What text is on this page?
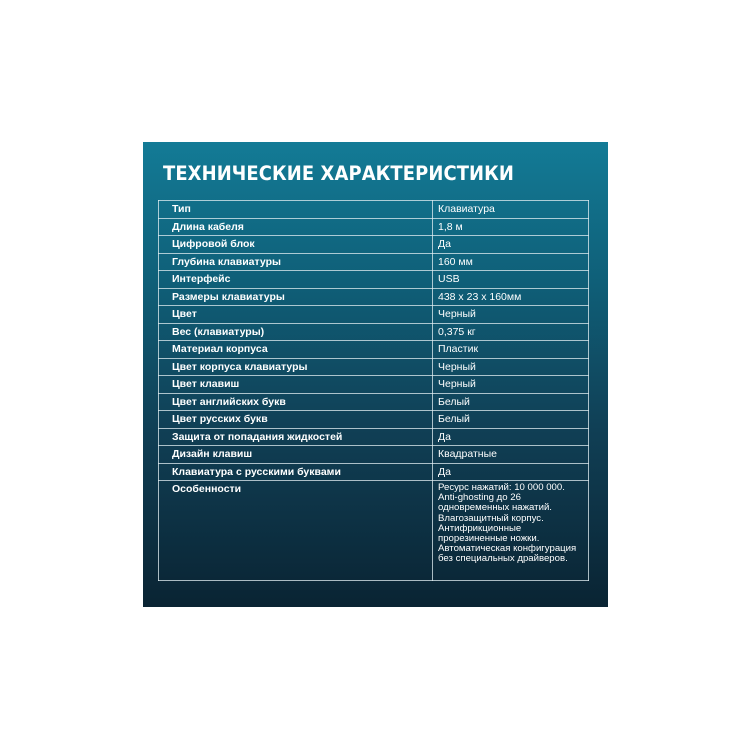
ТЕХНИЧЕСКИЕ ХАРАКТЕРИСТИКИ
Тип	Клавиатура
Длина кабеля	1,8 м
Цифровой блок	Да
Глубина клавиатуры	160 мм
Интерфейс	USB
Размеры клавиатуры	438 x 23 x 160мм
Цвет	Черный
Вес (клавиатуры)	0,375 кг
Материал корпуса	Пластик
Цвет корпуса клавиатуры	Черный
Цвет клавиш	Черный
Цвет английских букв	Белый
Цвет русских букв	Белый
Защита от попадания жидкостей	Да
Дизайн клавиш	Квадратные
Клавиатура с русскими буквами	Да
Особенности	Ресурс нажатий: 10 000 000. Anti-ghosting до 26 одновременных нажатий. Влагозащитный корпус. Антифрикционные прорезиненные ножки. Автоматическая конфигурация без специальных драйверов.
